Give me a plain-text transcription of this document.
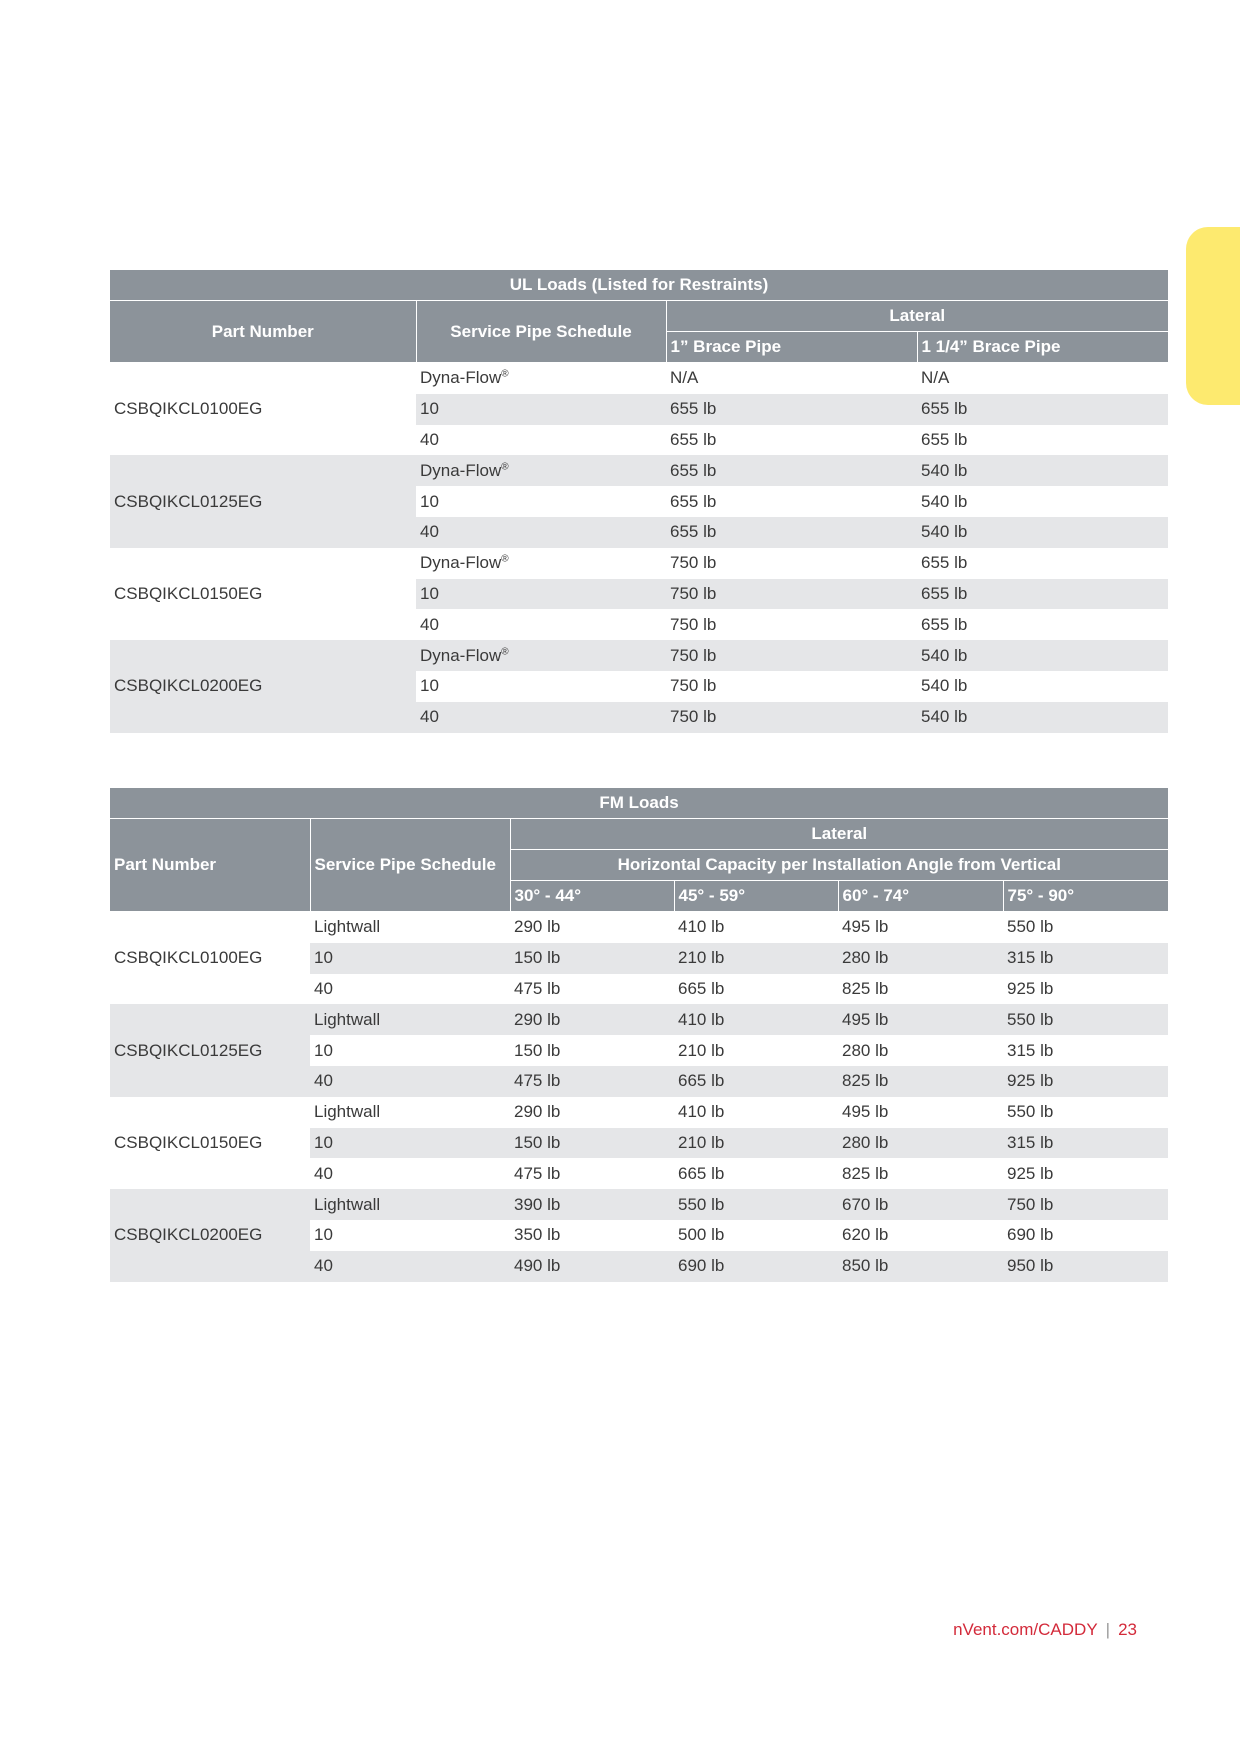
UL Loads (Listed for Restraints)			
Part Number	Service Pipe Schedule	Lateral	
		1” Brace Pipe	1 1/4” Brace Pipe
CSBQIKCL0100EG	Dyna-Flow®	N/A	N/A
	10	655 lb	655 lb
	40	655 lb	655 lb
CSBQIKCL0125EG	Dyna-Flow®	655 lb	540 lb
	10	655 lb	540 lb
	40	655 lb	540 lb
CSBQIKCL0150EG	Dyna-Flow®	750 lb	655 lb
	10	750 lb	655 lb
	40	750 lb	655 lb
CSBQIKCL0200EG	Dyna-Flow®	750 lb	540 lb
	10	750 lb	540 lb
	40	750 lb	540 lb
FM Loads					
Part Number	Service Pipe Schedule	Lateral			
		Horizontal Capacity per Installation Angle from Vertical			
		30° - 44°	45° - 59°	60° - 74°	75° - 90°
CSBQIKCL0100EG	Lightwall	290 lb	410 lb	495 lb	550 lb
	10	150 lb	210 lb	280 lb	315 lb
	40	475 lb	665 lb	825 lb	925 lb
CSBQIKCL0125EG	Lightwall	290 lb	410 lb	495 lb	550 lb
	10	150 lb	210 lb	280 lb	315 lb
	40	475 lb	665 lb	825 lb	925 lb
CSBQIKCL0150EG	Lightwall	290 lb	410 lb	495 lb	550 lb
	10	150 lb	210 lb	280 lb	315 lb
	40	475 lb	665 lb	825 lb	925 lb
CSBQIKCL0200EG	Lightwall	390 lb	550 lb	670 lb	750 lb
	10	350 lb	500 lb	620 lb	690 lb
	40	490 lb	690 lb	850 lb	950 lb
nVent.com/CADDY | 23
